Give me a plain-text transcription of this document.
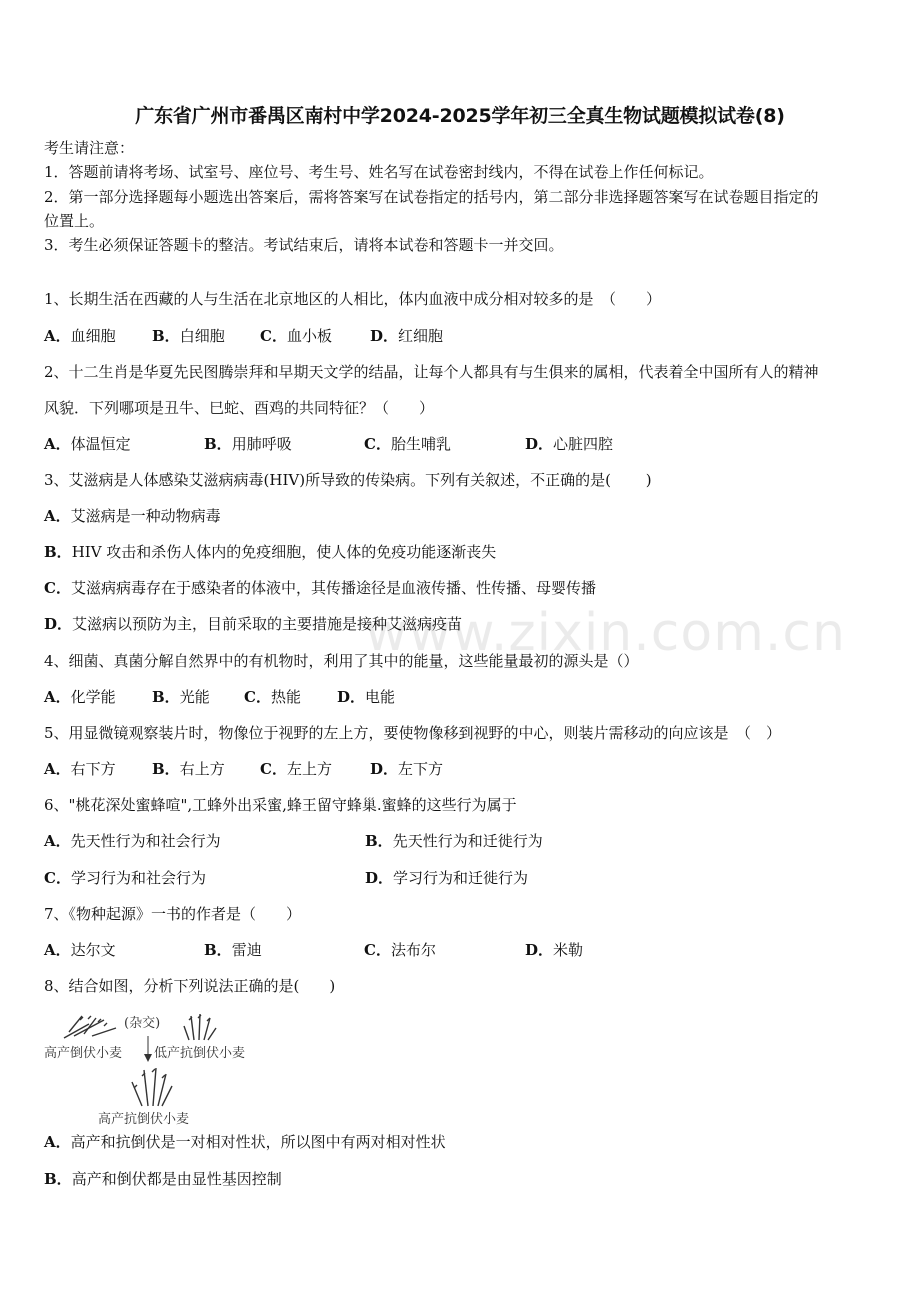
广东省广州市番禺区南村中学2024-2025学年初三全真生物试题模拟试卷(8)
考生请注意：
1．答题前请将考场、试室号、座位号、考生号、姓名写在试卷密封线内，不得在试卷上作任何标记。
2．第一部分选择题每小题选出答案后，需将答案写在试卷指定的括号内，第二部分非选择题答案写在试卷题目指定的
位置上。
3．考生必须保证答题卡的整洁。考试结束后，请将本试卷和答题卡一并交回。
1、长期生活在西藏的人与生活在北京地区的人相比，体内血液中成分相对较多的是　（　　）
A．血细胞 B．白细胞 C．血小板	D．红细胞
2、十二生肖是华夏先民图腾崇拜和早期天文学的结晶，让每个人都具有与生俱来的属相，代表着全中国所有人的精神
风貌．下列哪项是丑牛、巳蛇、酉鸡的共同特征？（　　）
A．体温恒定	B．用肺呼吸	C．胎生哺乳	D．心脏四腔
3、艾滋病是人体感染艾滋病病毒(HIV)所导致的传染病。下列有关叙述，不正确的是(　　 )
A．艾滋病是一种动物病毒
B．HIV 攻击和杀伤人体内的免疫细胞，使人体的免疫功能逐渐丧失
C．艾滋病病毒存在于感染者的体液中，其传播途径是血液传播、性传播、母婴传播
D．艾滋病以预防为主，目前采取的主要措施是接种艾滋病疫苗
4、细菌、真菌分解自然界中的有机物时，利用了其中的能量，这些能量最初的源头是（）
A．化学能 B．光能 C．热能 D．电能
5、用显微镜观察装片时，物像位于视野的左上方，要使物像移到视野的中心，则装片需移动的向应该是　（　）
A．右下方 B．右上方 C．左上方	D．左下方
6、"桃花深处蜜蜂喧",工蜂外出采蜜,蜂王留守蜂巢.蜜蜂的这些行为属于
A．先天性行为和社会行为	B．先天性行为和迁徙行为
C．学习行为和社会行为	D．学习行为和迁徙行为
7、《物种起源》一书的作者是（　　）
A．达尔文	B．雷迪	C．法布尔	D．米勒
8、结合如图，分析下列说法正确的是(　　)
(杂交)
高产倒伏小麦 低产抗倒伏小麦
高产抗倒伏小麦
A．高产和抗倒伏是一对相对性状，所以图中有两对相对性状
B．高产和倒伏都是由显性基因控制
www.zixin.com.cn
